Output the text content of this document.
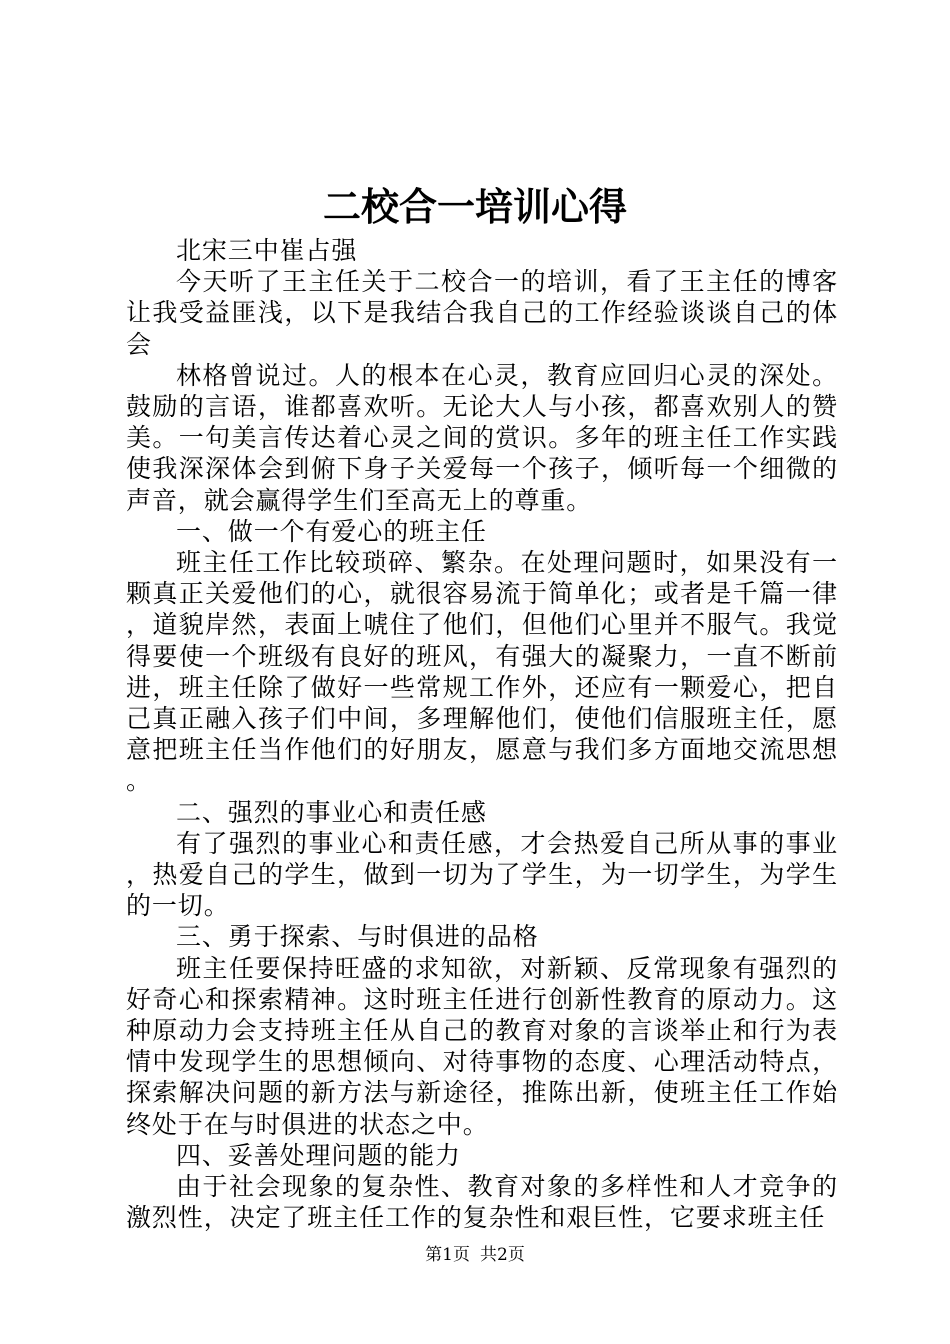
二校合一培训心得

北宋三中崔占强

今天听了王主任关于二校合一的培训，看了王主任的博客让我受益匪浅，以下是我结合我自己的工作经验谈谈自己的体会

林格曾说过。人的根本在心灵，教育应回归心灵的深处。鼓励的言语，谁都喜欢听。无论大人与小孩，都喜欢别人的赞美。一句美言传达着心灵之间的赏识。多年的班主任工作实践使我深深体会到俯下身子关爱每一个孩子，倾听每一个细微的声音，就会赢得学生们至高无上的尊重。

一、做一个有爱心的班主任

班主任工作比较琐碎、繁杂。在处理问题时，如果没有一颗真正关爱他们的心，就很容易流于简单化；或者是千篇一律，道貌岸然，表面上唬住了他们，但他们心里并不服气。我觉得要使一个班级有良好的班风，有强大的凝聚力，一直不断前进，班主任除了做好一些常规工作外，还应有一颗爱心，把自己真正融入孩子们中间，多理解他们，使他们信服班主任，愿意把班主任当作他们的好朋友，愿意与我们多方面地交流思想。

二、强烈的事业心和责任感

有了强烈的事业心和责任感，才会热爱自己所从事的事业，热爱自己的学生，做到一切为了学生，为一切学生，为学生的一切。

三、勇于探索、与时俱进的品格

班主任要保持旺盛的求知欲，对新颖、反常现象有强烈的好奇心和探索精神。这时班主任进行创新性教育的原动力。这种原动力会支持班主任从自己的教育对象的言谈举止和行为表情中发现学生的思想倾向、对待事物的态度、心理活动特点，探索解决问题的新方法与新途径，推陈出新，使班主任工作始终处于在与时俱进的状态之中。

四、妥善处理问题的能力

由于社会现象的复杂性、教育对象的多样性和人才竞争的激烈性，决定了班主任工作的复杂性和艰巨性，它要求班主任

第1页 共2页
